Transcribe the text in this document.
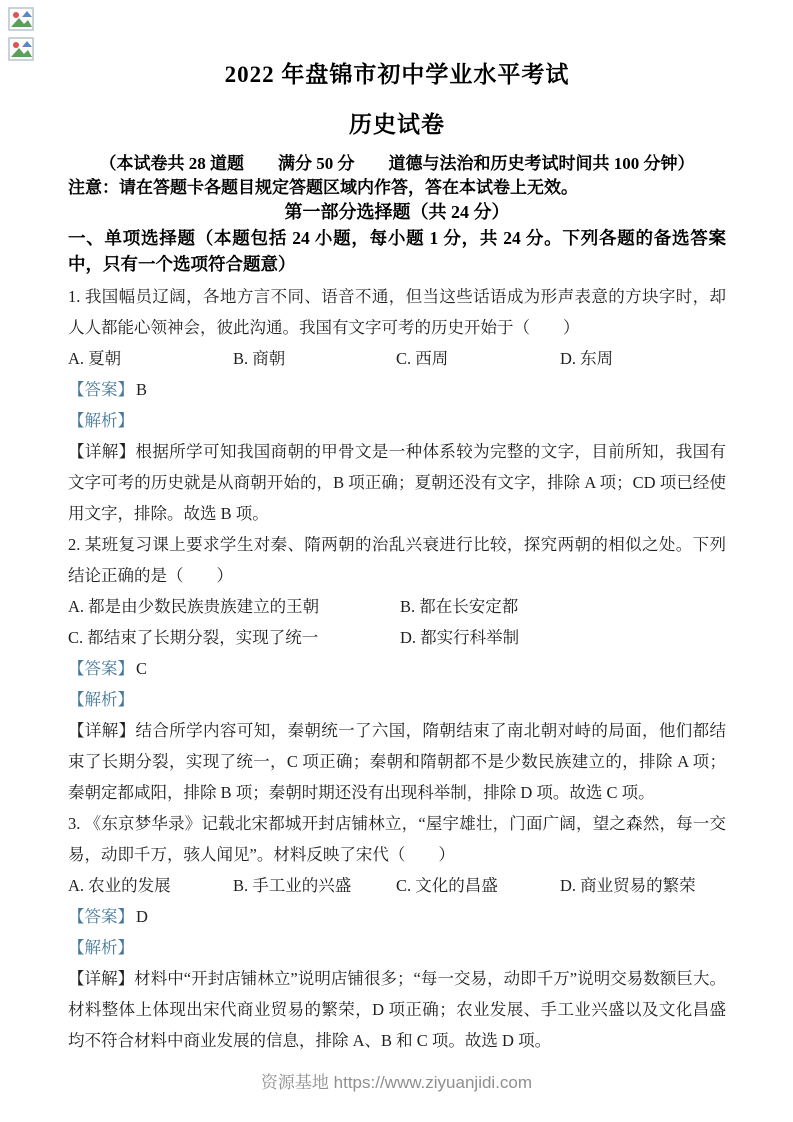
2022 年盘锦市初中学业水平考试
历史试卷

（本试卷共 28 道题　　满分 50 分　　道德与法治和历史考试时间共 100 分钟）

注意：请在答题卡各题目规定答题区域内作答，答在本试卷上无效。

第一部分选择题（共 24 分）

一、单项选择题（本题包括 24 小题，每小题 1 分，共 24 分。下列各题的备选答案中，只有一个选项符合题意）

1. 我国幅员辽阔，各地方言不同、语音不通，但当这些话语成为形声表意的方块字时，却人人都能心领神会，彼此沟通。我国有文字可考的历史开始于（　　）

A. 夏朝	B. 商朝	C. 西周	D. 东周

【答案】 B

【解析】

【详解】根据所学可知我国商朝的甲骨文是一种体系较为完整的文字，目前所知，我国有文字可考的历史就是从商朝开始的，B 项正确；夏朝还没有文字，排除 A 项；CD 项已经使用文字，排除。故选 B 项。

2. 某班复习课上要求学生对秦、隋两朝的治乱兴衰进行比较，探究两朝的相似之处。下列结论正确的是（　　）

A. 都是由少数民族贵族建立的王朝	B. 都在长安定都
C. 都结束了长期分裂，实现了统一	D. 都实行科举制

【答案】 C

【解析】

【详解】结合所学内容可知，秦朝统一了六国，隋朝结束了南北朝对峙的局面，他们都结束了长期分裂，实现了统一，C 项正确；秦朝和隋朝都不是少数民族建立的，排除 A 项；秦朝定都咸阳，排除 B 项；秦朝时期还没有出现科举制，排除 D 项。故选 C 项。

3. 《东京梦华录》记载北宋都城开封店铺林立，“屋宇雄壮，门面广阔，望之森然，每一交易，动即千万，骇人闻见”。材料反映了宋代（　　）

A. 农业的发展	B. 手工业的兴盛	C. 文化的昌盛	D. 商业贸易的繁荣

【答案】 D

【解析】

【详解】材料中“开封店铺林立”说明店铺很多；“每一交易，动即千万”说明交易数额巨大。材料整体上体现出宋代商业贸易的繁荣，D 项正确；农业发展、手工业兴盛以及文化昌盛均不符合材料中商业发展的信息，排除 A、B 和 C 项。故选 D 项。

资源基地 https://www.ziyuanjidi.com
